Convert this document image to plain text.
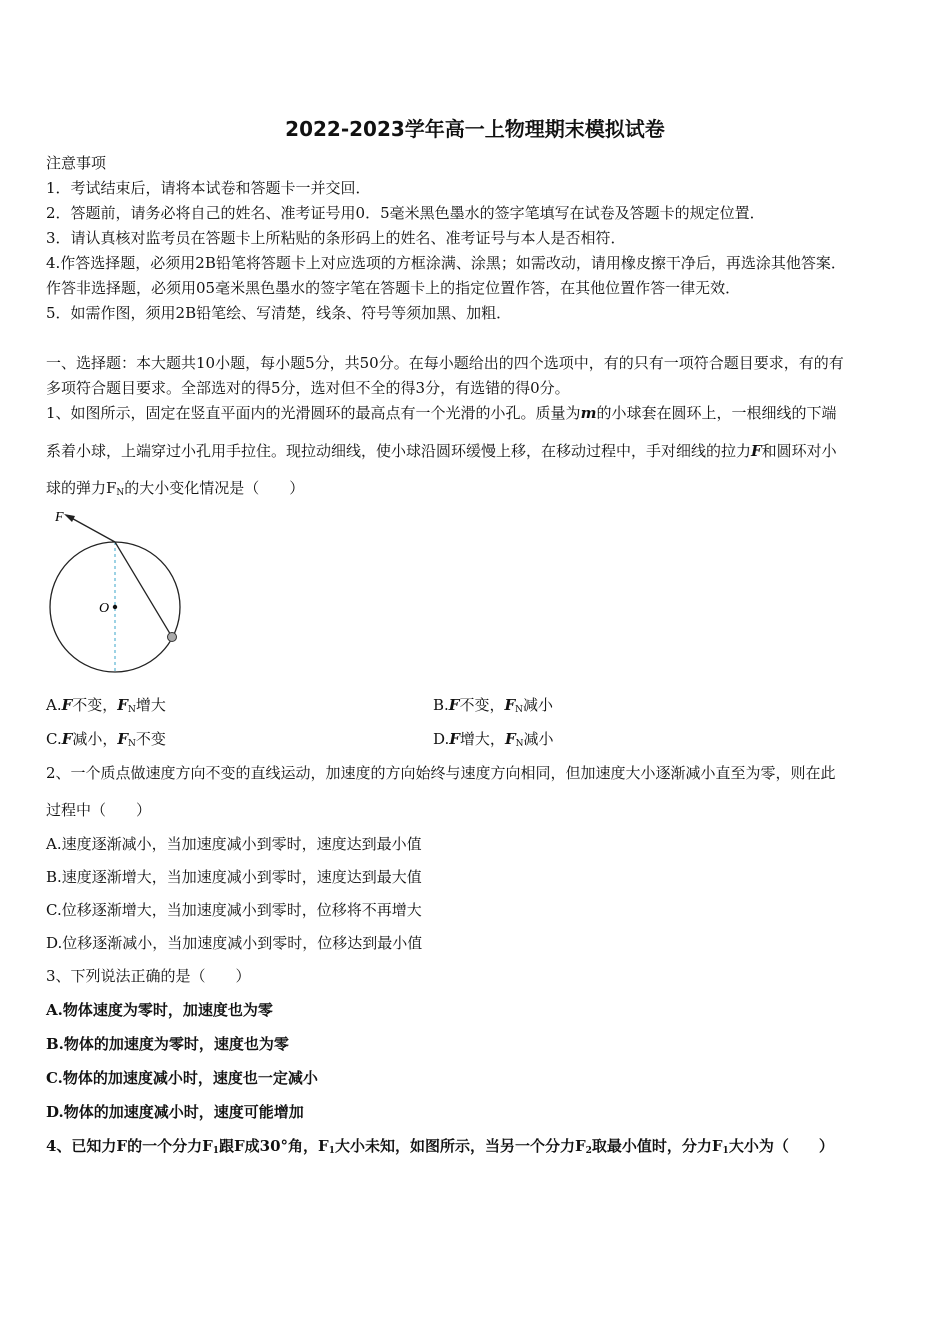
2022-2023学年高一上物理期末模拟试卷
注意事项
1．考试结束后，请将本试卷和答题卡一并交回．
2．答题前，请务必将自己的姓名、准考证号用0．5毫米黑色墨水的签字笔填写在试卷及答题卡的规定位置．
3．请认真核对监考员在答题卡上所粘贴的条形码上的姓名、准考证号与本人是否相符．
4.作答选择题，必须用2B铅笔将答题卡上对应选项的方框涂满、涂黑；如需改动，请用橡皮擦干净后，再选涂其他答案．
作答非选择题，必须用05毫米黑色墨水的签字笔在答题卡上的指定位置作答，在其他位置作答一律无效．
5．如需作图，须用2B铅笔绘、写清楚，线条、符号等须加黑、加粗．
一、选择题：本大题共10小题，每小题5分，共50分。在每小题给出的四个选项中，有的只有一项符合题目要求，有的有
多项符合题目要求。全部选对的得5分，选对但不全的得3分，有选错的得0分。
1、如图所示，固定在竖直平面内的光滑圆环的最高点有一个光滑的小孔。质量为m的小球套在圆环上，一根细线的下端
系着小球，上端穿过小孔用手拉住。现拉动细线，使小球沿圆环缓慢上移，在移动过程中，手对细线的拉力F和圆环对小
球的弹力$F_N$的大小变化情况是（　　）
F
O
A.F不变，$F_N$增大	B.F不变，$F_N$减小
C.F减小，$F_N$不变	D.F增大，$F_N$减小
2、一个质点做速度方向不变的直线运动，加速度的方向始终与速度方向相同，但加速度大小逐渐减小直至为零，则在此
过程中（　　）
A.速度逐渐减小，当加速度减小到零时，速度达到最小值
B.速度逐渐增大，当加速度减小到零时，速度达到最大值
C.位移逐渐增大，当加速度减小到零时，位移将不再增大
D.位移逐渐减小，当加速度减小到零时，位移达到最小值
3、下列说法正确的是（　　）
A.物体速度为零时，加速度也为零
B.物体的加速度为零时，速度也为零
C.物体的加速度减小时，速度也一定减小
D.物体的加速度减小时，速度可能增加
4、已知力F的一个分力$F_1$跟F成30°角，$F_1$大小未知，如图所示，当另一个分力$F_2$取最小值时，分力$F_1$大小为（　　）
